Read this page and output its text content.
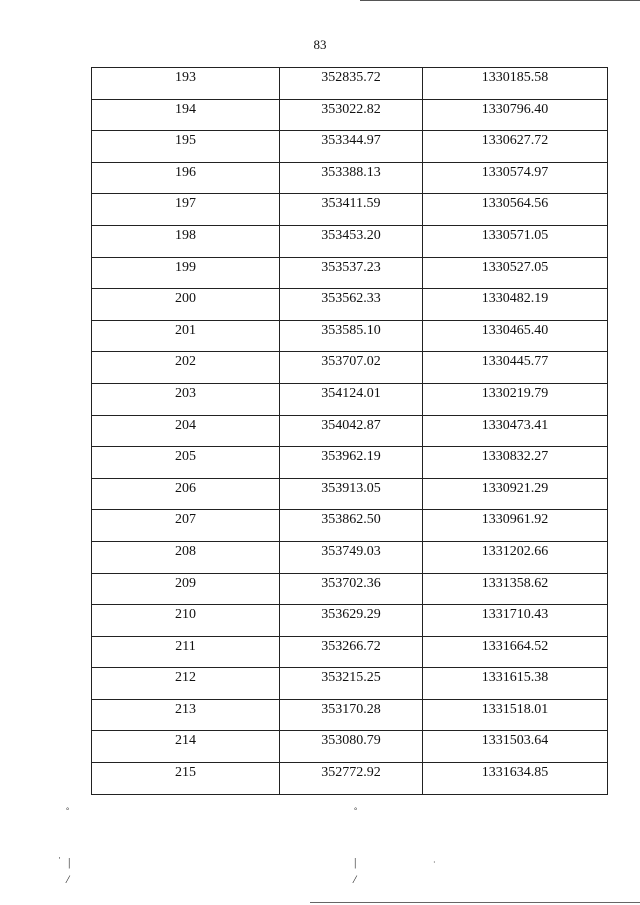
83
193	352835.72	1330185.58
194	353022.82	1330796.40
195	353344.97	1330627.72
196	353388.13	1330574.97
197	353411.59	1330564.56
198	353453.20	1330571.05
199	353537.23	1330527.05
200	353562.33	1330482.19
201	353585.10	1330465.40
202	353707.02	1330445.77
203	354124.01	1330219.79
204	354042.87	1330473.41
205	353962.19	1330832.27
206	353913.05	1330921.29
207	353862.50	1330961.92
208	353749.03	1331202.66
209	353702.36	1331358.62
210	353629.29	1331710.43
211	353266.72	1331664.52
212	353215.25	1331615.38
213	353170.28	1331518.01
214	353080.79	1331503.64
215	352772.92	1331634.85
°	°
· |
/
|
/
·
